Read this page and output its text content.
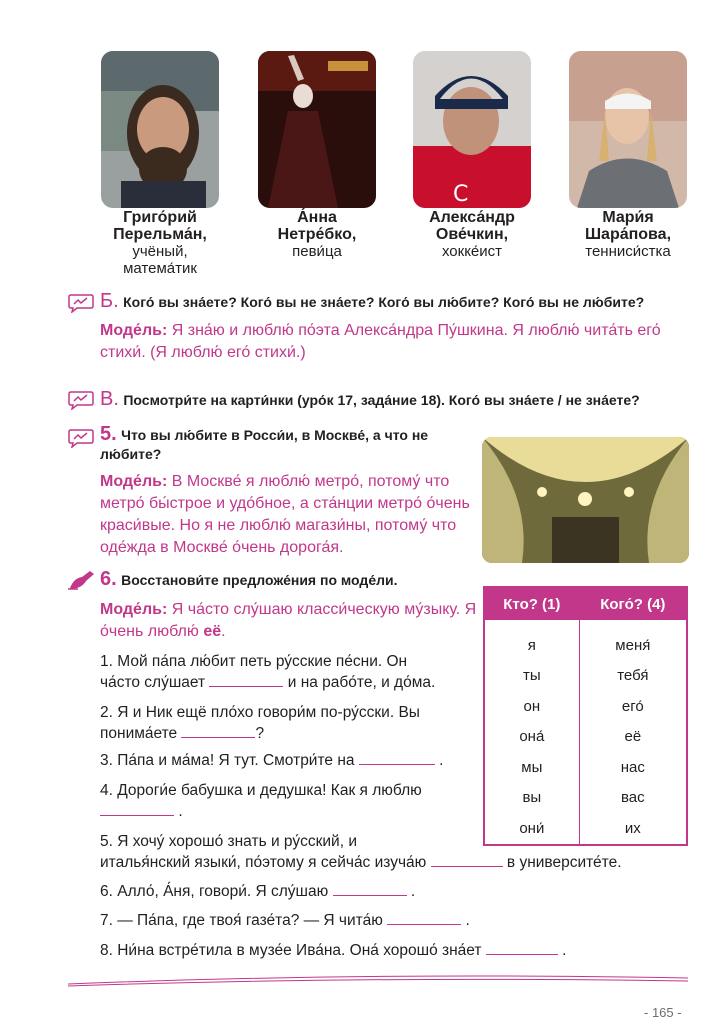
C
Григо́рий
Перельма́н,
учёный,
матема́тик
А́нна
Нетре́бко,
певи́ца
Алекса́ндр
Ове́чкин,
хокке́ист
Мари́я
Шара́пова,
тенниси́стка
Б. Кого́ вы зна́ете? Кого́ вы не зна́ете? Кого́ вы лю́бите? Кого́ вы не лю́бите?
Моде́ль: Я зна́ю и люблю́ по́эта Алекса́ндра Пу́шкина. Я люблю́ чита́ть его́ стихи́. (Я люблю́ его́ стихи́.)
В. Посмотри́те на карти́нки (уро́к 17, зада́ние 18). Кого́ вы зна́ете / не зна́ете?
5. Что вы лю́бите в Росси́и, в Москве́, а что не лю́бите?
Моде́ль: В Москве́ я люблю́ метро́, потому́ что метро́ бы́строе и удо́бное, а ста́нции метро́ о́чень краси́вые. Но я не люблю́ магази́ны, потому́ что оде́жда в Москве́ о́чень дорога́я.
6. Восстанови́те предложе́ния по моде́ли.
Моде́ль: Я ча́сто слу́шаю класси́ческую му́зыку. Я о́чень люблю́ её.
1. Мой па́па лю́бит петь ру́сские пе́сни. Он
ча́сто слу́шает	и на рабо́те, и до́ма.
2. Я и Ник ещё пло́хо говори́м по-ру́сски. Вы
понима́ете	?
3. Па́па и ма́ма! Я тут. Смотри́те на	.
4. Дороги́е бабушка и дедушка! Как я люблю
.
5. Я хочу́ хорошо́ знать и ру́сский, и
италья́нский языки́, по́этому я сейча́с изуча́ю	в университе́те.
6. Алло́, А́ня, говори́. Я слу́шаю	.
7. — Па́па, где твоя́ газе́та? — Я чита́ю	.
8. Ни́на встре́тила в музе́е Ива́на. Она́ хорошо́ зна́ет	.
Кто? (1)	Кого́? (4)

я	меня́
ты	тебя́
он	его́
она́	её
мы	нас
вы	вас
они́	их
- 165 -
